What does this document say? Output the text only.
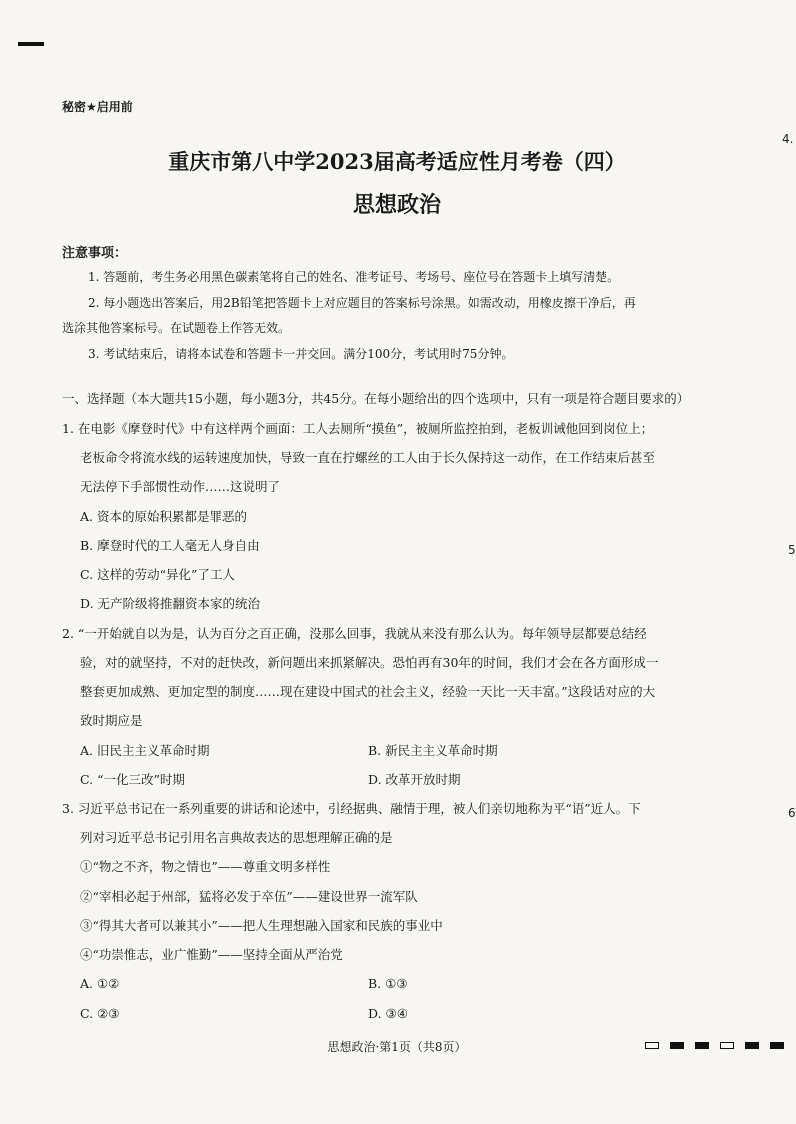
秘密★启用前
4.
5
6
重庆市第八中学2023届高考适应性月考卷（四）
思想政治
注意事项：
1. 答题前，考生务必用黑色碳素笔将自己的姓名、准考证号、考场号、座位号在答题卡上填写清楚。
2. 每小题选出答案后，用2B铅笔把答题卡上对应题目的答案标号涂黑。如需改动，用橡皮擦干净后，再
选涂其他答案标号。在试题卷上作答无效。
3. 考试结束后，请将本试卷和答题卡一并交回。满分100分，考试用时75分钟。
一、选择题（本大题共15小题，每小题3分，共45分。在每小题给出的四个选项中，只有一项是符合题目要求的）
1. 在电影《摩登时代》中有这样两个画面：工人去厕所“摸鱼”，被厕所监控拍到，老板训诫他回到岗位上；
老板命令将流水线的运转速度加快，导致一直在拧螺丝的工人由于长久保持这一动作，在工作结束后甚至
无法停下手部惯性动作……这说明了
A. 资本的原始积累都是罪恶的
B. 摩登时代的工人毫无人身自由
C. 这样的劳动“异化”了工人
D. 无产阶级将推翻资本家的统治
2. “一开始就自以为是，认为百分之百正确，没那么回事，我就从来没有那么认为。每年领导层都要总结经
验，对的就坚持，不对的赶快改，新问题出来抓紧解决。恐怕再有30年的时间，我们才会在各方面形成一
整套更加成熟、更加定型的制度……现在建设中国式的社会主义，经验一天比一天丰富。”这段话对应的大
致时期应是
A. 旧民主主义革命时期	B. 新民主主义革命时期
C. “一化三改”时期	D. 改革开放时期
3. 习近平总书记在一系列重要的讲话和论述中，引经据典、融情于理，被人们亲切地称为平“语”近人。下
列对习近平总书记引用名言典故表达的思想理解正确的是
①“物之不齐，物之情也”——尊重文明多样性
②“宰相必起于州部，猛将必发于卒伍”——建设世界一流军队
③“得其大者可以兼其小”——把人生理想融入国家和民族的事业中
④“功崇惟志，业广惟勤”——坚持全面从严治党
A. ①②	B. ①③
C. ②③	D. ③④
思想政治·第1页（共8页）
